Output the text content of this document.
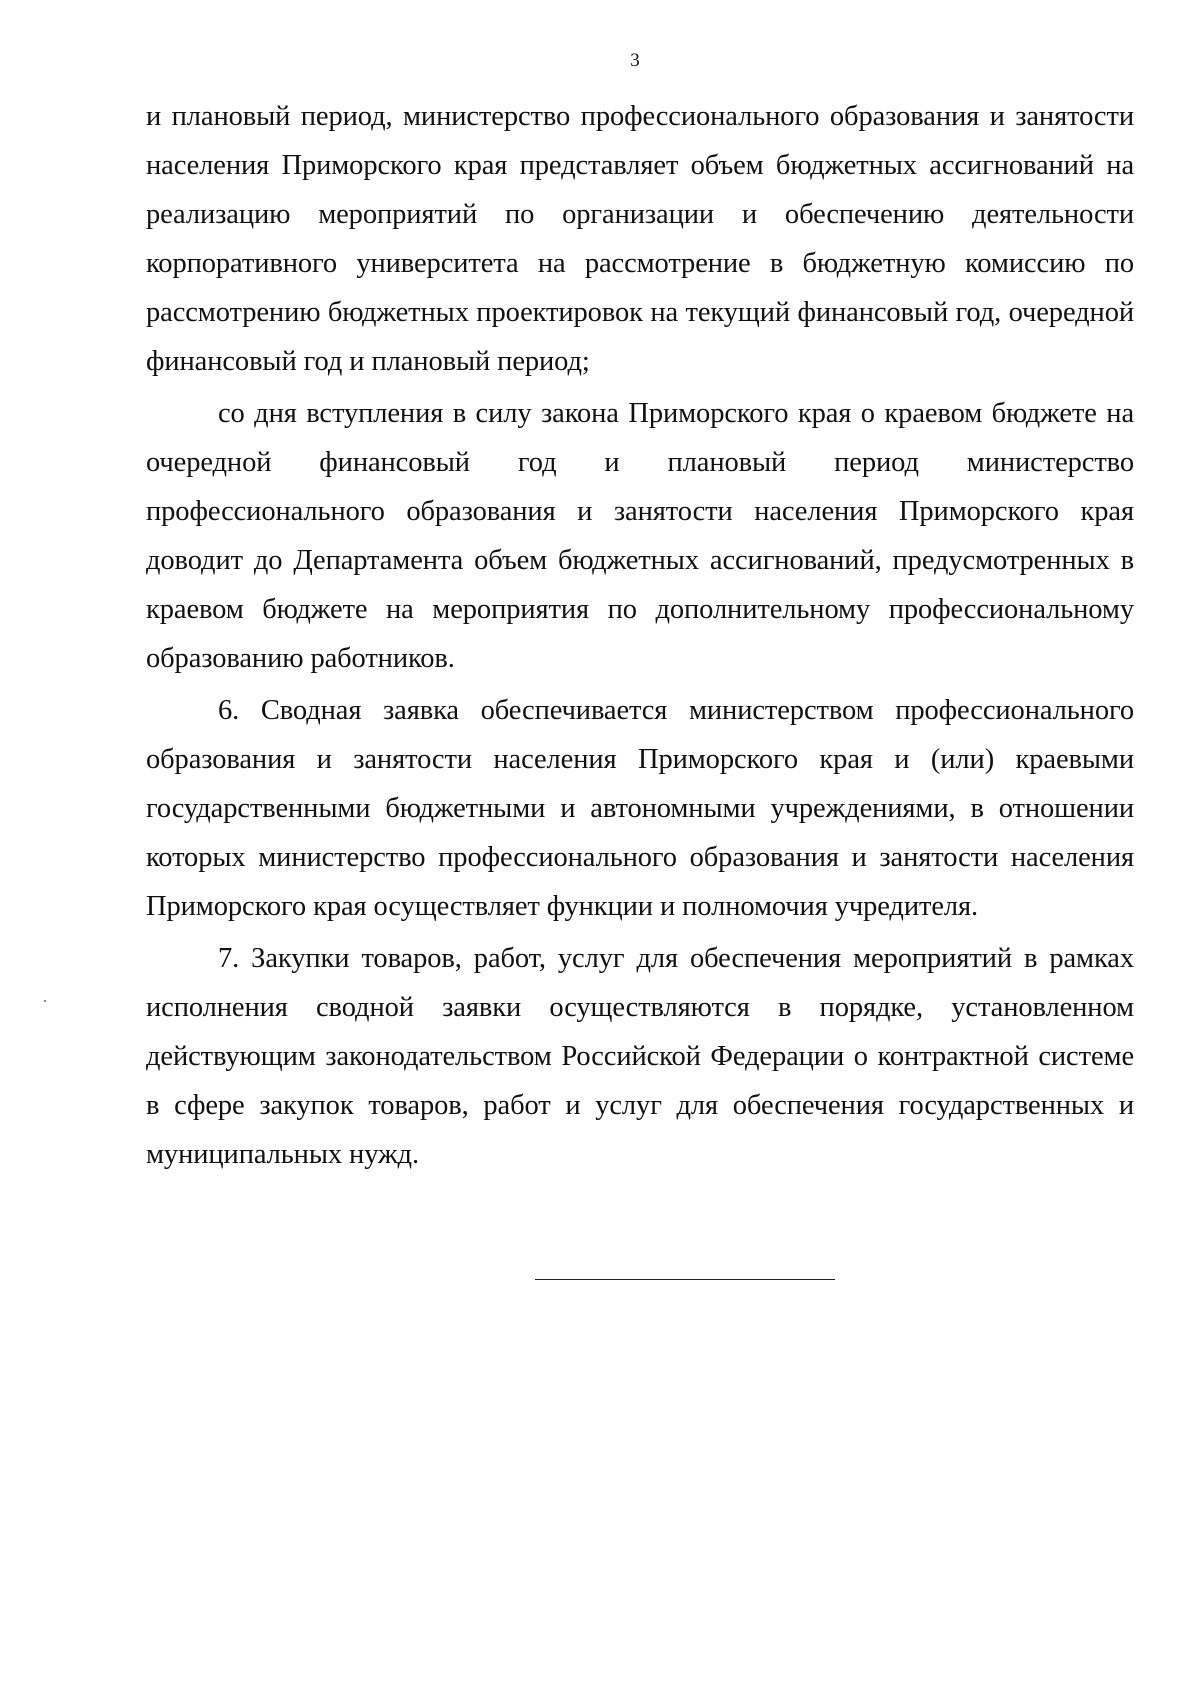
3

и плановый период, министерство профессионального образования и занятости населения Приморского края представляет объем бюджетных ассигнований на реализацию мероприятий по организации и обеспечению деятельности корпоративного университета на рассмотрение в бюджетную комиссию по рассмотрению бюджетных проектировок на текущий финансовый год, очередной финансовый год и плановый период;

со дня вступления в силу закона Приморского края о краевом бюджете на очередной финансовый год и плановый период министерство профессионального образования и занятости населения Приморского края доводит до Департамента объем бюджетных ассигнований, предусмотренных в краевом бюджете на мероприятия по дополнительному профессиональному образованию работников.

6. Сводная заявка обеспечивается министерством профессионального образования и занятости населения Приморского края и (или) краевыми государственными бюджетными и автономными учреждениями, в отношении которых министерство профессионального образования и занятости населения Приморского края осуществляет функции и полномочия учредителя.

7. Закупки товаров, работ, услуг для обеспечения мероприятий в рамках исполнения сводной заявки осуществляются в порядке, установленном действующим законодательством Российской Федерации о контрактной системе в сфере закупок товаров, работ и услуг для обеспечения государственных и муниципальных нужд.
